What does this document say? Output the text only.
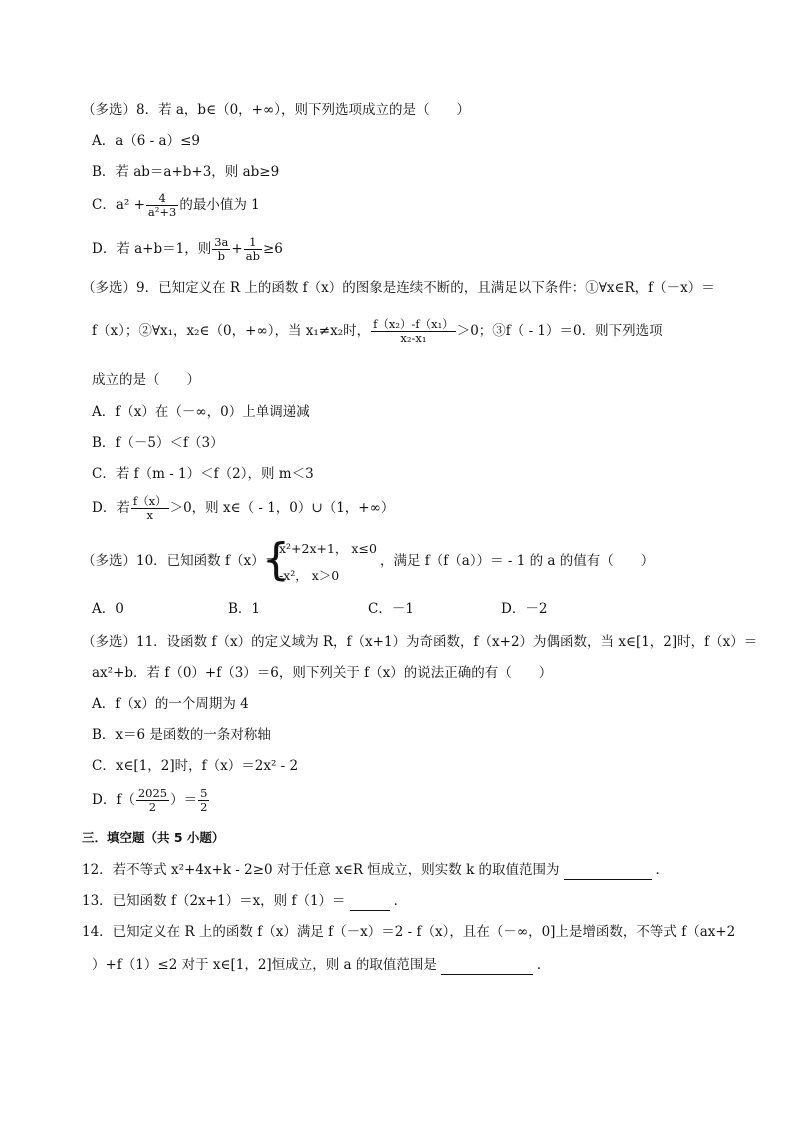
（多选）8．若 a，b∈（0，+∞），则下列选项成立的是（　　）
A．a（6 - a）≤9
B．若 ab＝a+b+3，则 ab≥9
C．$a^2 + \frac{4}{\text{a²+3}}$ 的最小值为 1
D．若 a+b＝1，则 $\frac{3a}{b} + \frac{1}{ab} \ge 6$
（多选）9．已知定义在 R 上的函数 f（x）的图象是连续不断的，且满足以下条件：①∀x∈R，f（－x）＝
f（x）；②∀x₁，x₂∈（0，+∞），当 x₁≠x₂时， $\frac{\text{f（x₂）-f（x₁）}}{\text{x₂-x₁}} >0$；③f（ - 1）＝0．则下列选项
成立的是（　　）
A．f（x）在（－∞，0）上单调递减
B．f（－5）＜f（3）
C．若 f（m - 1）＜f（2），则 m＜3
D．若 $\frac{f(x)}{x} >0$，则 x∈（ - 1，0）∪（1，+∞）
（多选）10．已知函数 f（x）＝
{
x²+2x+1， x≤0
-x²， x＞0
，满足 f（f（a））＝ - 1 的 a 的值有（　　）
A．0	B．1	C．－1	D．－2
（多选）11．设函数 f（x）的定义域为 R，f（x+1）为奇函数，f（x+2）为偶函数，当 x∈[1，2]时，f（x）＝
ax²+b．若 f（0）+f（3）＝6，则下列关于 f（x）的说法正确的有（　　）
A．f（x）的一个周期为 4
B．x＝6 是函数的一条对称轴
C．x∈[1，2]时，f（x）＝2x² - 2
D．$f( \frac{2025}{2}$ ）＝ $\frac{5}{2}$
三．填空题（共 5 小题）
12．若不等式 x²+4x+k - 2≥0 对于任意 x∈R 恒成立，则实数 k 的取值范围为	．
13．已知函数 f（2x+1）＝x，则 f（1）＝	．
14．已知定义在 R 上的函数 f（x）满足 f（－x）＝2 - f（x），且在（－∞，0]上是增函数，不等式 f（ax+2
）+f（1）≤2 对于 x∈[1，2]恒成立，则 a 的取值范围是	．
